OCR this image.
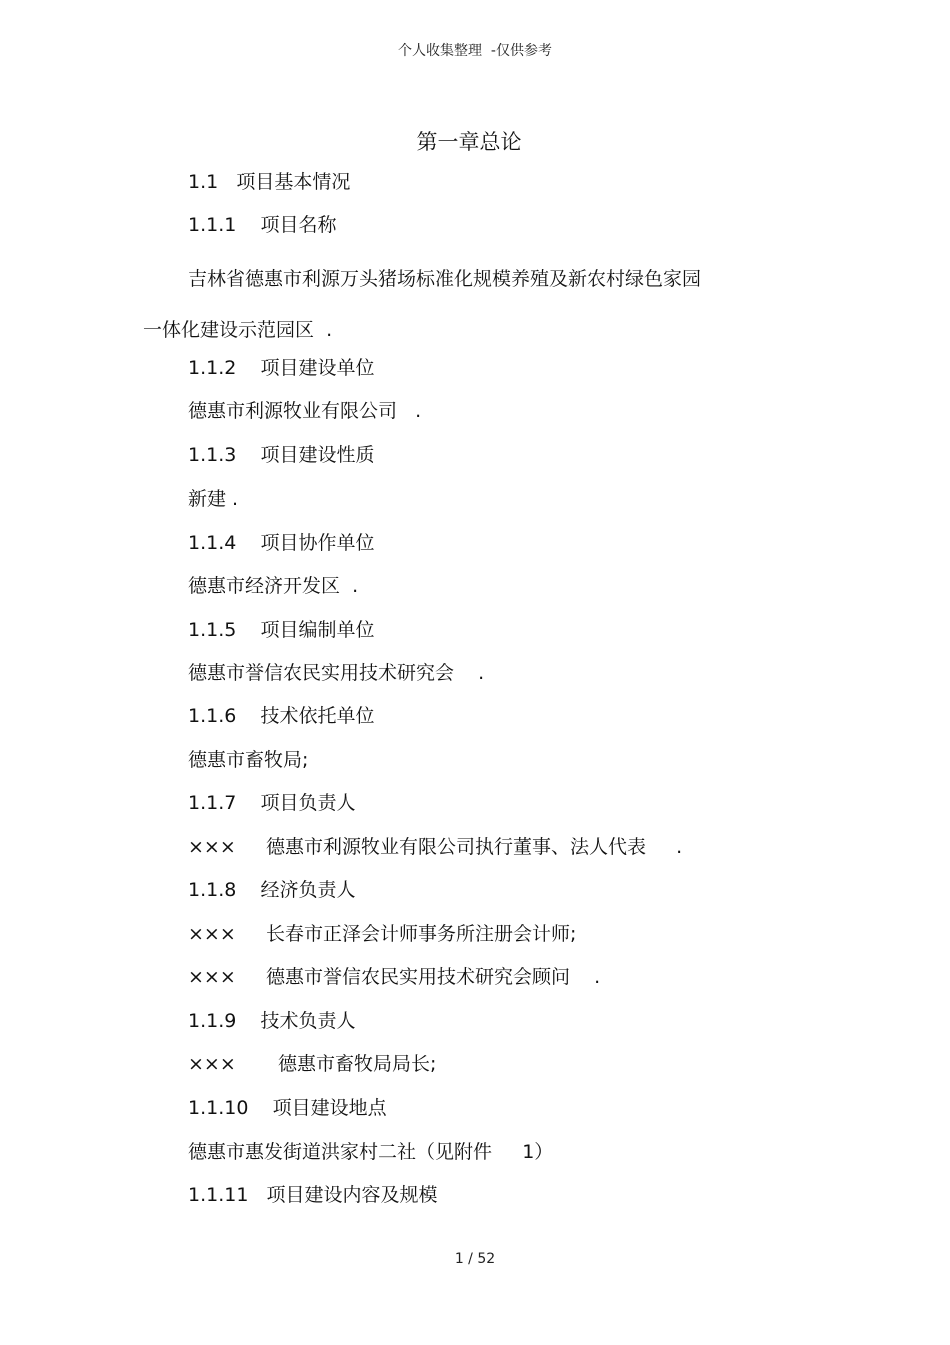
个人收集整理  -仅供参考
第一章总论
1.1   项目基本情况
1.1.1    项目名称
吉林省德惠市利源万头猪场标准化规模养殖及新农村绿色家园
一体化建设示范园区  .
1.1.2    项目建设单位
德惠市利源牧业有限公司   .
1.1.3    项目建设性质
新建 .
1.1.4    项目协作单位
德惠市经济开发区  .
1.1.5    项目编制单位
德惠市誉信农民实用技术研究会    .
1.1.6    技术依托单位
德惠市畜牧局;
1.1.7    项目负责人
×××     德惠市利源牧业有限公司执行董事、法人代表     .
1.1.8    经济负责人
×××     长春市正泽会计师事务所注册会计师;
×××     德惠市誉信农民实用技术研究会顾问    .
1.1.9    技术负责人
×××       德惠市畜牧局局长;
1.1.10    项目建设地点
德惠市惠发街道洪家村二社（见附件     1）
1.1.11   项目建设内容及规模
1 / 52
